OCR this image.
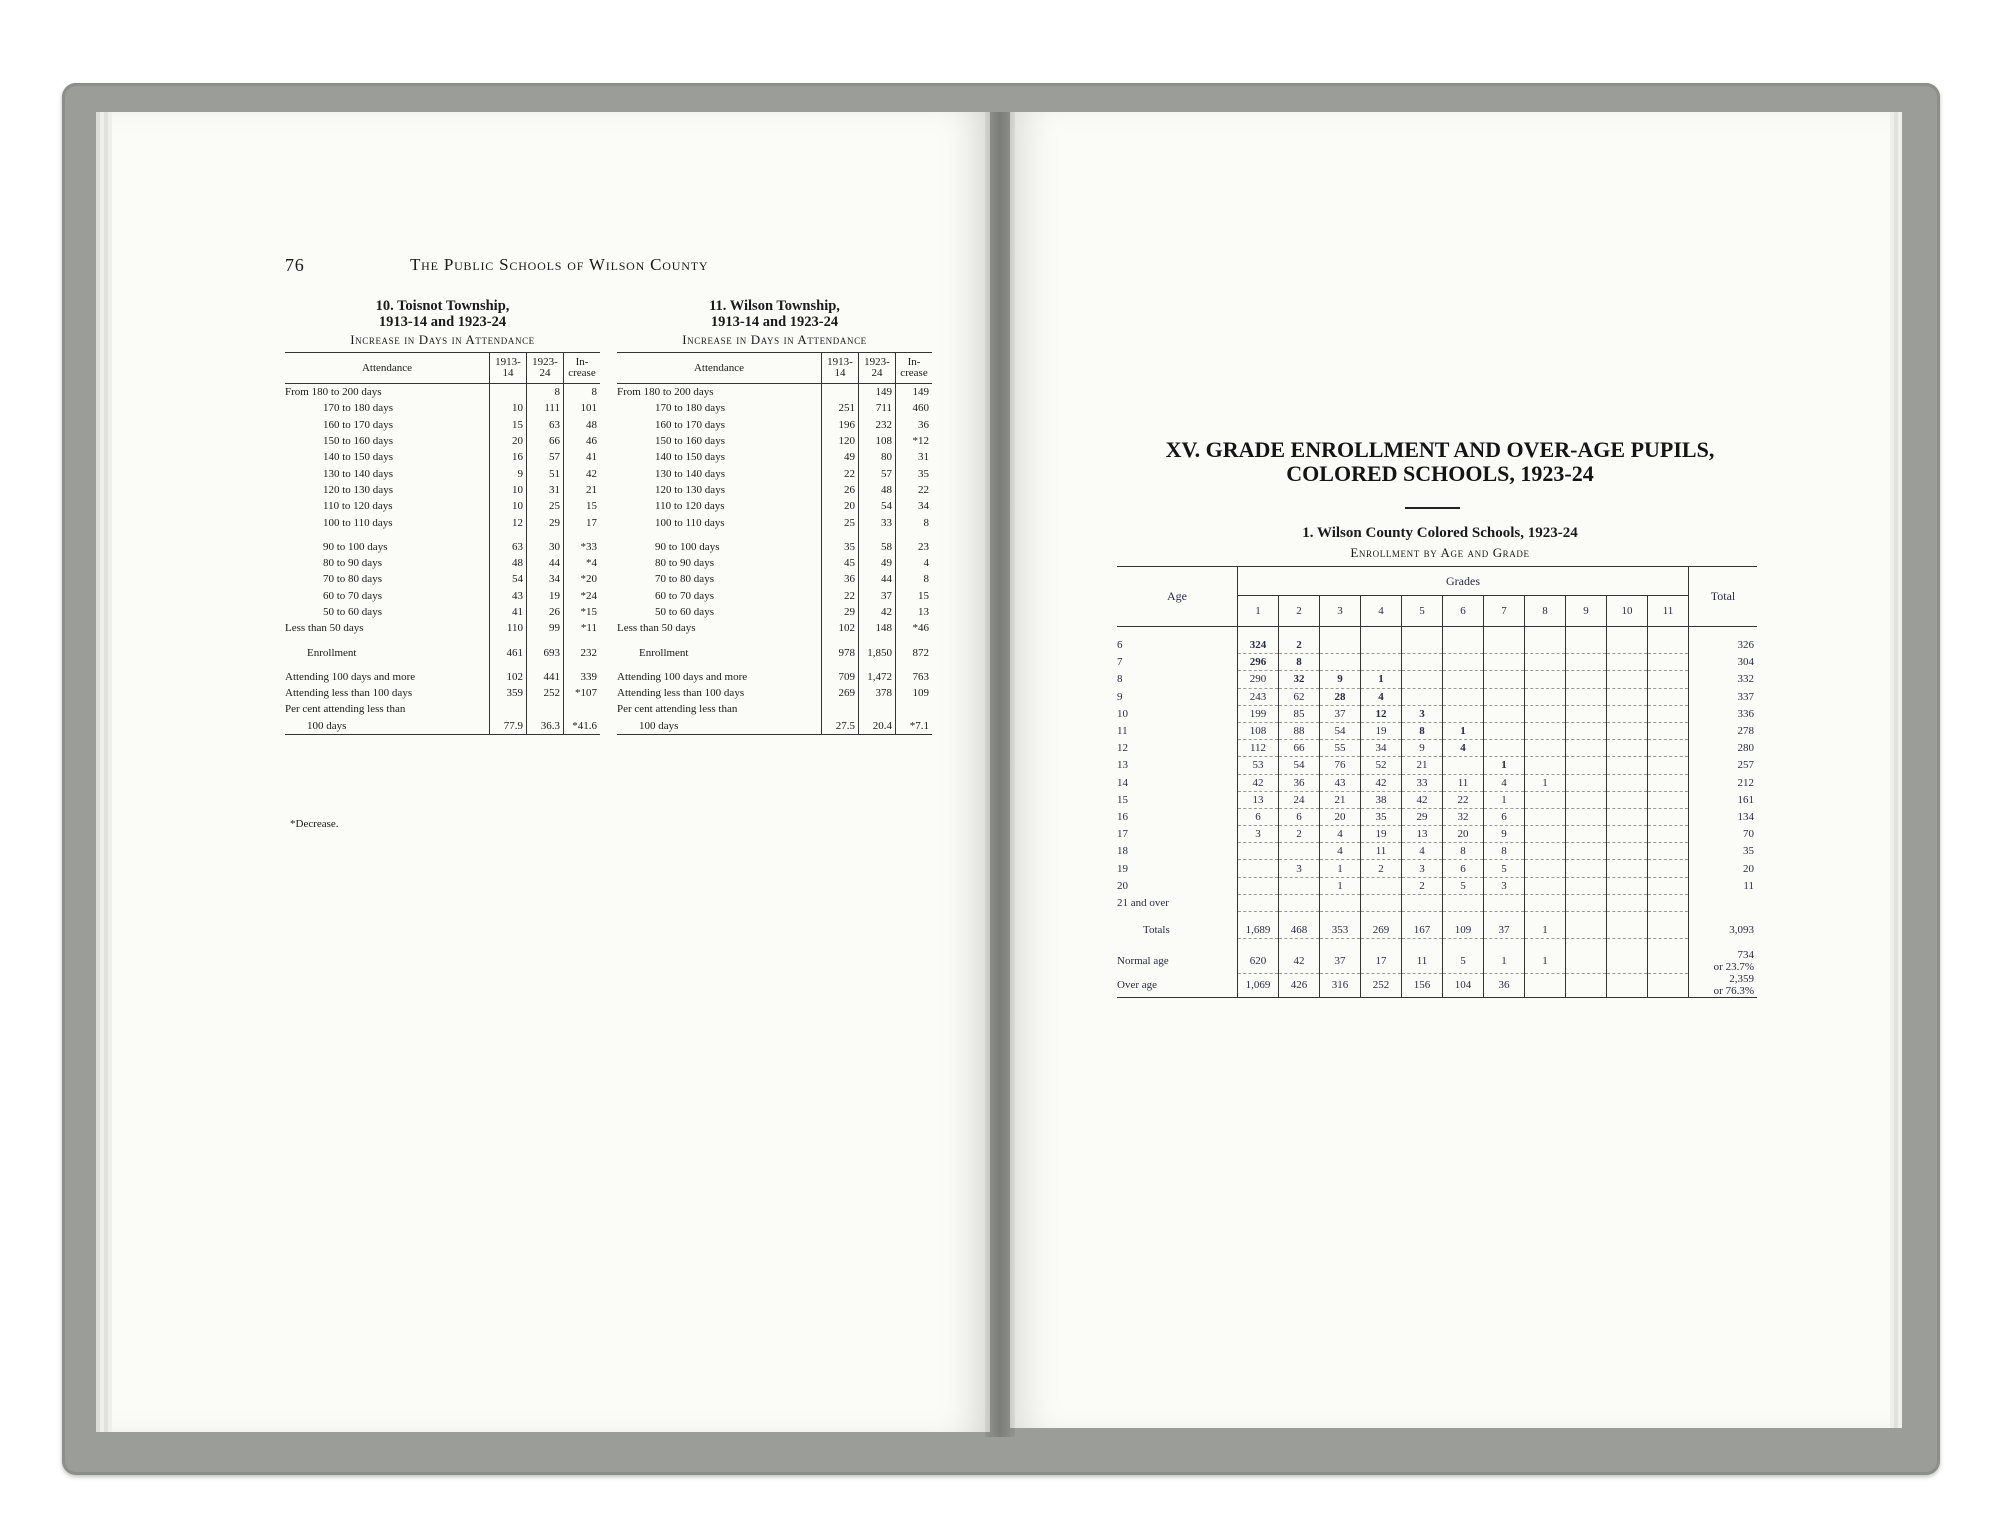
76	The Public Schools of Wilson County
10. Toisnot Township,
1913-14 and 1923-24
Increase in Days in Attendance
Attendance	1913-14	1923-24	In-crease
From 180 to 200 days		8	8
170 to 180 days	10	111	101
160 to 170 days	15	63	48
150 to 160 days	20	66	46
140 to 150 days	16	57	41
130 to 140 days	9	51	42
120 to 130 days	10	31	21
110 to 120 days	10	25	15
100 to 110 days	12	29	17

90 to 100 days	63	30	*33
80 to 90 days	48	44	*4
70 to 80 days	54	34	*20
60 to 70 days	43	19	*24
50 to 60 days	41	26	*15
Less than 50 days	110	99	*11

Enrollment	461	693	232

Attending 100 days and more	102	441	339
Attending less than 100 days	359	252	*107
Per cent attending less than			
100 days	77.9	36.3	*41.6
11. Wilson Township,
1913-14 and 1923-24
Increase in Days in Attendance
Attendance	1913-14	1923-24	In-crease
From 180 to 200 days		149	149
170 to 180 days	251	711	460
160 to 170 days	196	232	36
150 to 160 days	120	108	*12
140 to 150 days	49	80	31
130 to 140 days	22	57	35
120 to 130 days	26	48	22
110 to 120 days	20	54	34
100 to 110 days	25	33	8

90 to 100 days	35	58	23
80 to 90 days	45	49	4
70 to 80 days	36	44	8
60 to 70 days	22	37	15
50 to 60 days	29	42	13
Less than 50 days	102	148	*46

Enrollment	978	1,850	872

Attending 100 days and more	709	1,472	763
Attending less than 100 days	269	378	109
Per cent attending less than			
100 days	27.5	20.4	*7.1
*Decrease.
XV. GRADE ENROLLMENT AND OVER-AGE PUPILS,
COLORED SCHOOLS, 1923-24
1. Wilson County Colored Schools, 1923-24
Enrollment by Age and Grade
Age	Grades											Total
	1	2	3	4	5	6	7	8	9	10	11	

6	324	2										326
7	296	8										304
8	290	32	9	1								332
9	243	62	28	4								337
10	199	85	37	12	3							336
11	108	88	54	19	8	1						278
12	112	66	55	34	9	4						280
13	53	54	76	52	21		1					257
14	42	36	43	42	33	11	4	1				212
15	13	24	21	38	42	22	1					161
16	6	6	20	35	29	32	6					134
17	3	2	4	19	13	20	9					70
18			4	11	4	8	8					35
19		3	1	2	3	6	5					20
20			1		2	5	3					11
21 and over												

Totals	1,689	468	353	269	167	109	37	1				3,093

Normal age	620	42	37	17	11	5	1	1				734
or 23.7%

Over age	1,069	426	316	252	156	104	36					2,359
or 76.3%
